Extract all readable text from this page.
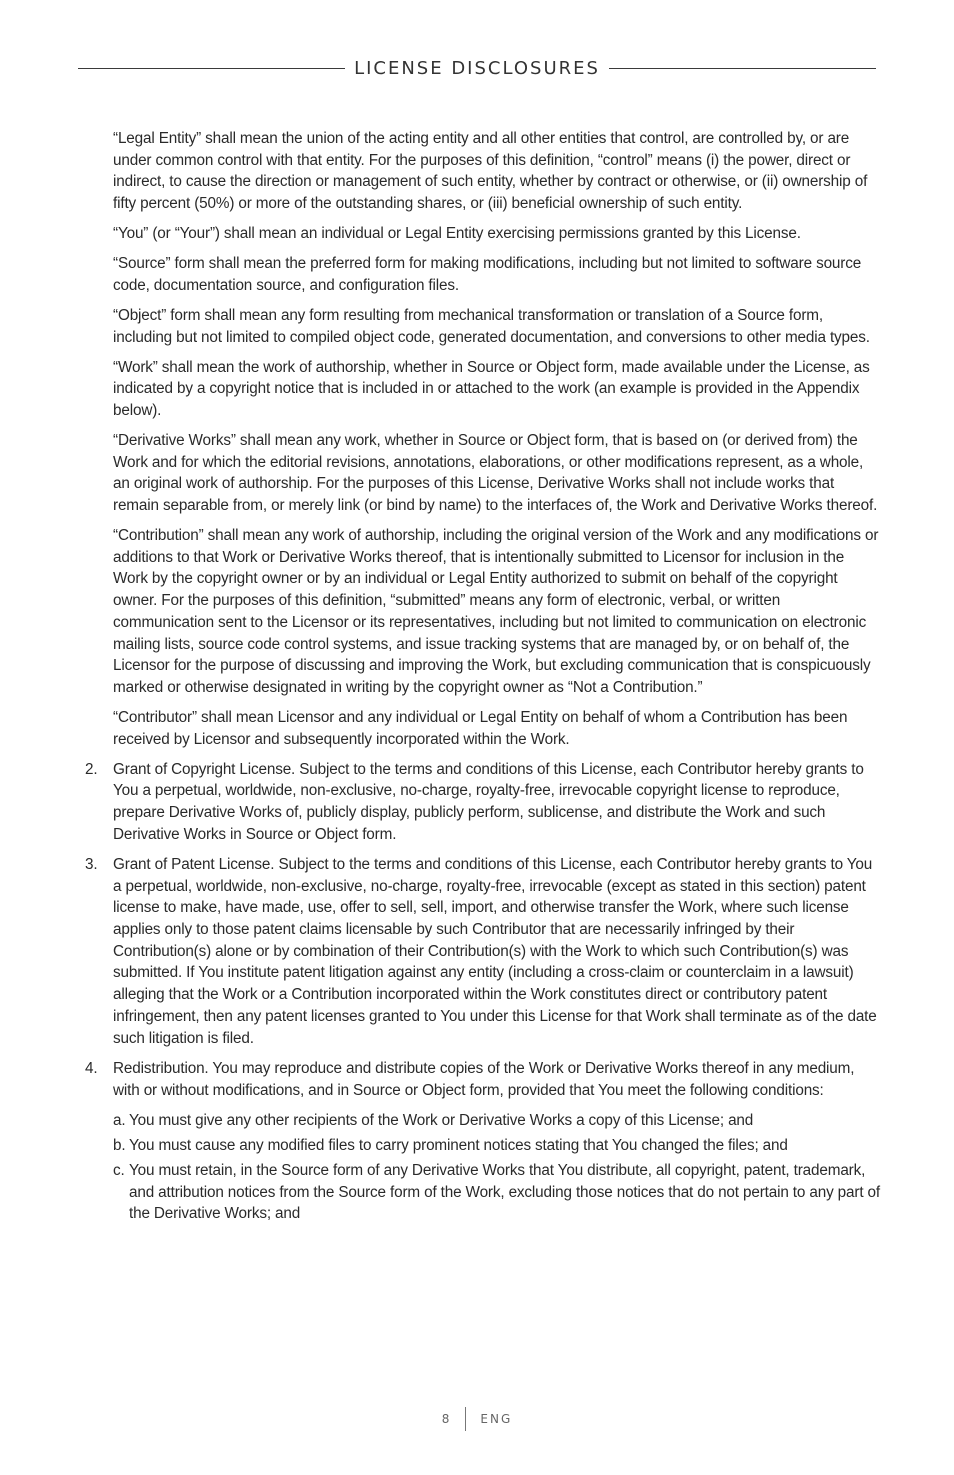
LICENSE DISCLOSURES

“Legal Entity” shall mean the union of the acting entity and all other entities that control, are controlled by, or are under common control with that entity. For the purposes of this definition, “control” means (i) the power, direct or indirect, to cause the direction or management of such entity, whether by contract or otherwise, or (ii) ownership of fifty percent (50%) or more of the outstanding shares, or (iii) beneficial ownership of such entity.

“You” (or “Your”) shall mean an individual or Legal Entity exercising permissions granted by this License.

“Source” form shall mean the preferred form for making modifications, including but not limited to software source code, documentation source, and configuration files.

“Object” form shall mean any form resulting from mechanical transformation or translation of a Source form, including but not limited to compiled object code, generated documentation, and conversions to other media types.

“Work” shall mean the work of authorship, whether in Source or Object form, made available under the License, as indicated by a copyright notice that is included in or attached to the work (an example is provided in the Appendix below).

“Derivative Works” shall mean any work, whether in Source or Object form, that is based on (or derived from) the Work and for which the editorial revisions, annotations, elaborations, or other modifications represent, as a whole, an original work of authorship. For the purposes of this License, Derivative Works shall not include works that remain separable from, or merely link (or bind by name) to the interfaces of, the Work and Derivative Works thereof.

“Contribution” shall mean any work of authorship, including the original version of the Work and any modifications or additions to that Work or Derivative Works thereof, that is intentionally submitted to Licensor for inclusion in the Work by the copyright owner or by an individual or Legal Entity authorized to submit on behalf of the copyright owner. For the purposes of this definition, “submitted” means any form of electronic, verbal, or written communication sent to the Licensor or its representatives, including but not limited to communication on electronic mailing lists, source code control systems, and issue tracking systems that are managed by, or on behalf of, the Licensor for the purpose of discussing and improving the Work, but excluding communication that is conspicuously marked or otherwise designated in writing by the copyright owner as “Not a Contribution.”

“Contributor” shall mean Licensor and any individual or Legal Entity on behalf of whom a Contribution has been received by Licensor and subsequently incorporated within the Work.

2.	Grant of Copyright License. Subject to the terms and conditions of this License, each Contributor hereby grants to You a perpetual, worldwide, non-exclusive, no-charge, royalty-free, irrevocable copyright license to reproduce, prepare Derivative Works of, publicly display, publicly perform, sublicense, and distribute the Work and such Derivative Works in Source or Object form.
3.	Grant of Patent License. Subject to the terms and conditions of this License, each Contributor hereby grants to You a perpetual, worldwide, non-exclusive, no-charge, royalty-free, irrevocable (except as stated in this section) patent license to make, have made, use, offer to sell, sell, import, and otherwise transfer the Work, where such license applies only to those patent claims licensable by such Contributor that are necessarily infringed by their Contribution(s) alone or by combination of their Contribution(s) with the Work to which such Contribution(s) was submitted. If You institute patent litigation against any entity (including a cross-claim or counterclaim in a lawsuit) alleging that the Work or a Contribution incorporated within the Work constitutes direct or contributory patent infringement, then any patent licenses granted to You under this License for that Work shall terminate as of the date such litigation is filed.
4.	Redistribution. You may reproduce and distribute copies of the Work or Derivative Works thereof in any medium, with or without modifications, and in Source or Object form, provided that You meet the following conditions:
a. You must give any other recipients of the Work or Derivative Works a copy of this License; and
b. You must cause any modified files to carry prominent notices stating that You changed the files; and
c. You must retain, in the Source form of any Derivative Works that You distribute, all copyright, patent, trademark, and attribution notices from the Source form of the Work, excluding those notices that do not pertain to any part of the Derivative Works; and
8 ENG
